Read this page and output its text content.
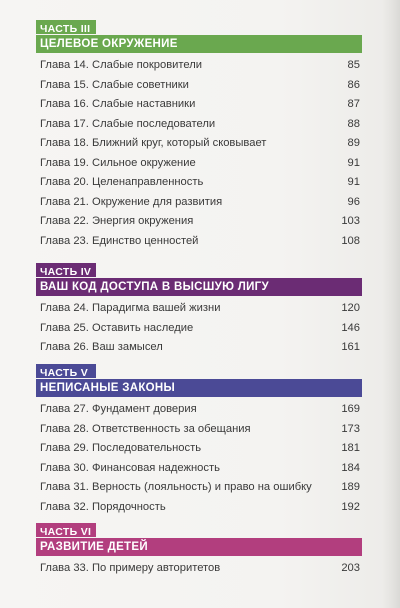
ЧАСТЬ III
ЦЕЛЕВОЕ ОКРУЖЕНИЕ
Глава 14. Слабые покровители	85
Глава 15. Слабые советники	86
Глава 16. Слабые наставники	87
Глава 17. Слабые последователи	88
Глава 18. Ближний круг, который сковывает	89
Глава 19. Сильное окружение	91
Глава 20. Целенаправленность	91
Глава 21. Окружение для развития	96
Глава 22. Энергия окружения	103
Глава 23. Единство ценностей	108
ЧАСТЬ IV
ВАШ КОД ДОСТУПА В ВЫСШУЮ ЛИГУ
Глава 24. Парадигма вашей жизни	120
Глава 25. Оставить наследие	146
Глава 26. Ваш замысел	161
ЧАСТЬ V
НЕПИСАНЫЕ ЗАКОНЫ
Глава 27. Фундамент доверия	169
Глава 28. Ответственность за обещания	173
Глава 29. Последовательность	181
Глава 30. Финансовая надежность	184
Глава 31. Верность (лояльность) и право на ошибку	189
Глава 32. Порядочность	192
ЧАСТЬ VI
РАЗВИТИЕ ДЕТЕЙ
Глава 33. По примеру авторитетов	203
